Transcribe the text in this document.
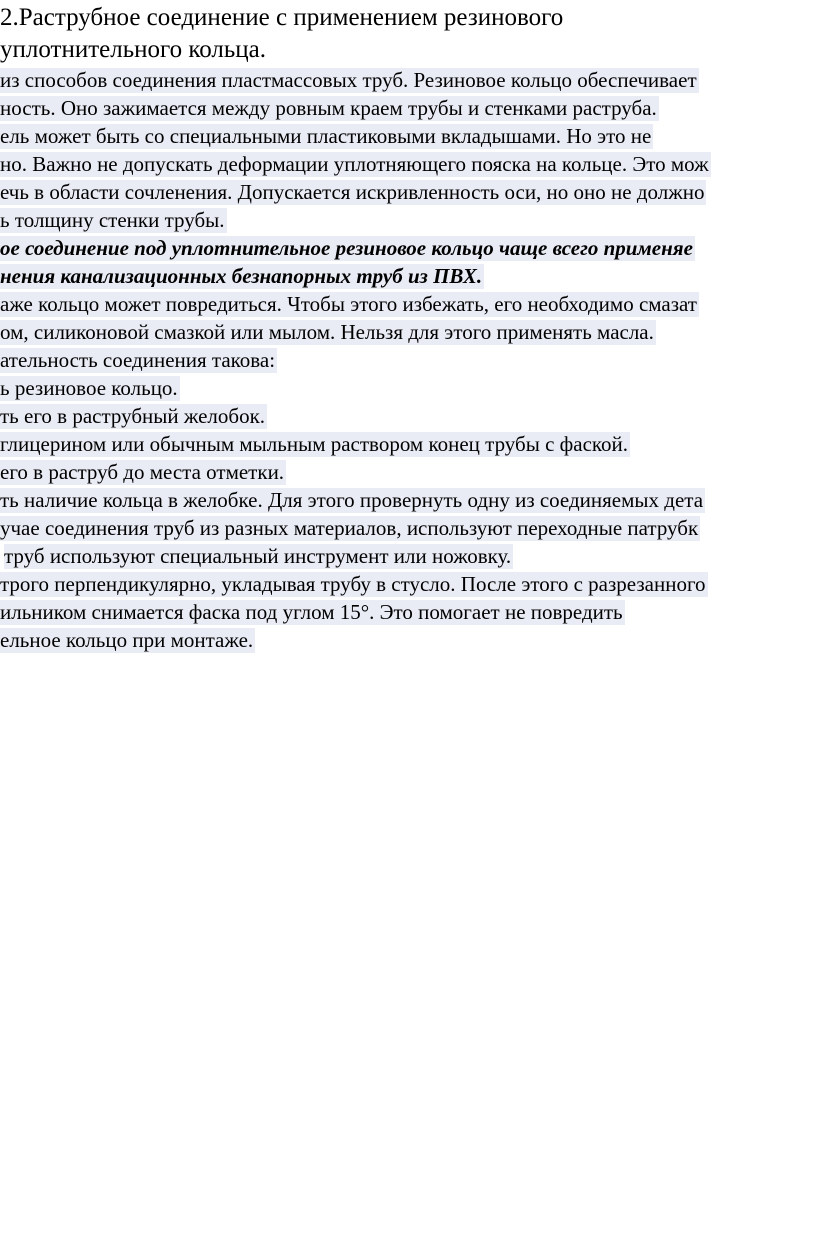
2.Раструбное соединение с применением резинового
уплотнительного кольца.
из способов соединения пластмассовых труб. Резиновое кольцо обеспечивает
ность. Оно зажимается между ровным краем трубы и стенками раструба.
ель может быть со специальными пластиковыми вкладышами. Но это не
но. Важно не допускать деформации уплотняющего пояска на кольце. Это мож
ечь в области сочленения. Допускается искривленность оси, но оно не должно
ь толщину стенки трубы.
ое соединение под уплотнительное резиновое кольцо чаще всего применяе
нения канализационных безнапорных труб из ПВХ.
аже кольцо может повредиться. Чтобы этого избежать, его необходимо смазат
ом, силиконовой смазкой или мылом. Нельзя для этого применять масла.
ательность соединения такова:
ь резиновое кольцо.
ть его в раструбный желобок.
глицерином или обычным мыльным раствором конец трубы с фаской.
его в раструб до места отметки.
ть наличие кольца в желобке. Для этого провернуть одну из соединяемых дета
учае соединения труб из разных материалов, используют переходные патрубк
труб используют специальный инструмент или ножовку.
трого перпендикулярно, укладывая трубу в стусло. После этого с разрезанного
ильником снимается фаска под углом 15°. Это помогает не повредить
ельное кольцо при монтаже.
